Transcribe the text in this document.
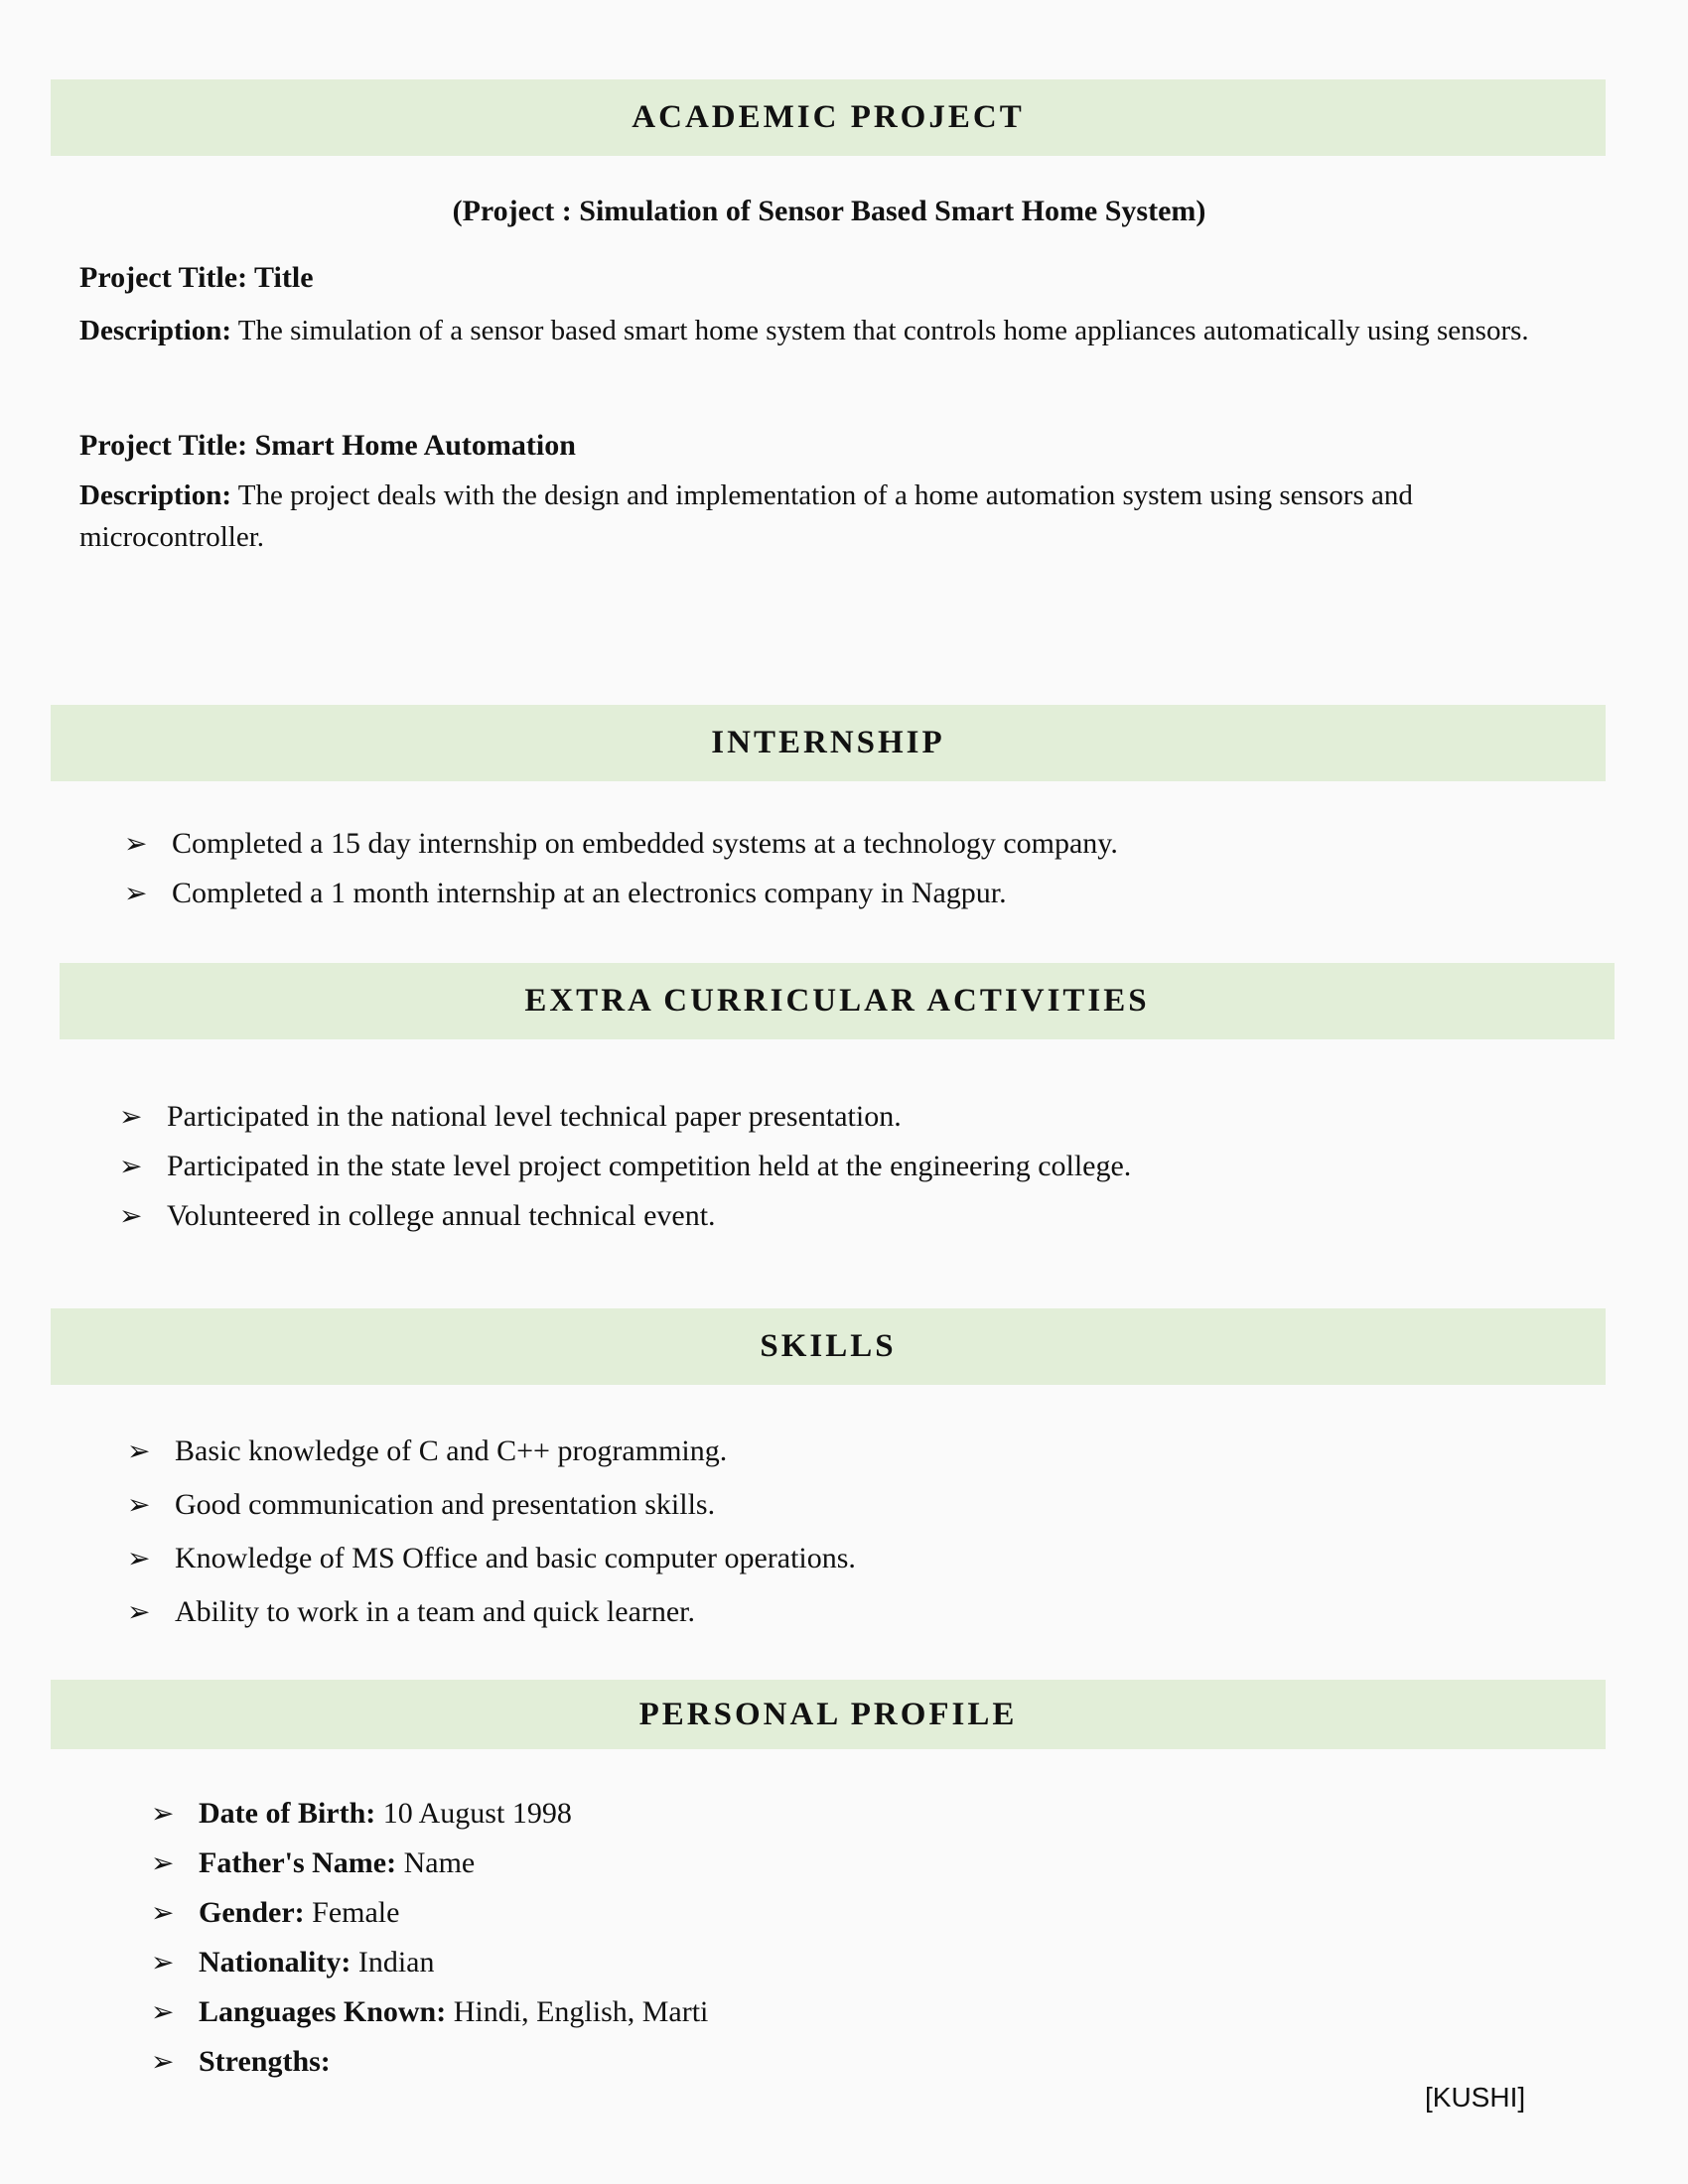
ACADEMIC PROJECT
(Project : Simulation of Sensor Based Smart Home System)
Project Title: Title
Description: The simulation of a sensor based smart home system that controls home appliances automatically using sensors.
Project Title: Smart Home Automation
Description: The project deals with the design and implementation of a home automation system using sensors and microcontroller.
INTERNSHIP
➢ Completed a 15 day internship on embedded systems at a technology company.
➢ Completed a 1 month internship at an electronics company in Nagpur.
EXTRA CURRICULAR ACTIVITIES
➢ Participated in the national level technical paper presentation.
➢ Participated in the state level project competition held at the engineering college.
➢ Volunteered in college annual technical event.
SKILLS
➢ Basic knowledge of C and C++ programming.
➢ Good communication and presentation skills.
➢ Knowledge of MS Office and basic computer operations.
➢ Ability to work in a team and quick learner.
PERSONAL PROFILE
➢ Date of Birth: 10 August 1998
➢ Father's Name: Name
➢ Gender: Female
➢ Nationality: Indian
➢ Languages Known: Hindi, English, Marti
➢ Strengths:
[KUSHI]
